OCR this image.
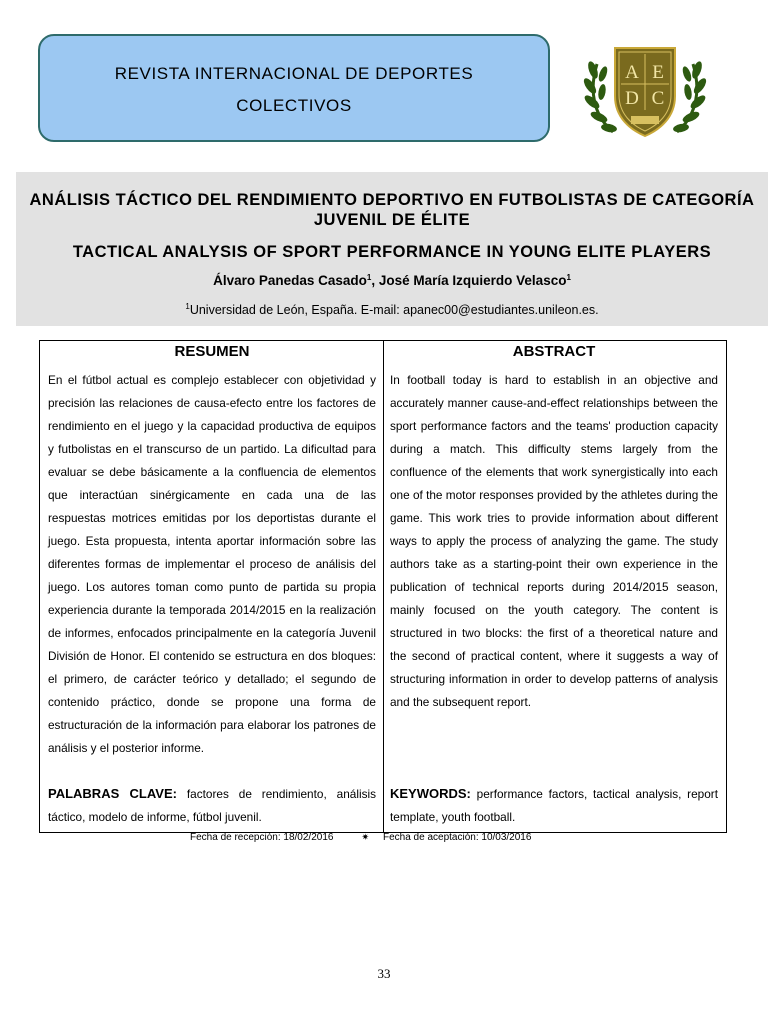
REVISTA INTERNACIONAL DE DEPORTES
COLECTIVOS
A E
D C
ANÁLISIS TÁCTICO DEL RENDIMIENTO DEPORTIVO EN FUTBOLISTAS DE CATEGORÍA
JUVENIL DE ÉLITE
TACTICAL ANALYSIS OF SPORT PERFORMANCE IN YOUNG ELITE PLAYERS
Álvaro Panedas Casado$^1$, José María Izquierdo Velasco$^1$
$^1$Universidad de León, España. E-mail: apanec00@estudiantes.unileon.es.
RESUMEN
En el fútbol actual es complejo establecer con objetividad y precisión las relaciones de causa-efecto entre los factores de rendimiento en el juego y la capacidad productiva de equipos y futbolistas en el transcurso de un partido. La dificultad para evaluar se debe básicamente a la confluencia de elementos que interactúan sinérgicamente en cada una de las respuestas motrices emitidas por los deportistas durante el juego. Esta propuesta, intenta aportar información sobre las diferentes formas de implementar el proceso de análisis del juego. Los autores toman como punto de partida su propia experiencia durante la temporada 2014/2015 en la realización de informes, enfocados principalmente en la categoría Juvenil División de Honor. El contenido se estructura en dos bloques: el primero, de carácter teórico y detallado; el segundo de contenido práctico, donde se propone una forma de estructuración de la información para elaborar los patrones de análisis y el posterior informe.
ABSTRACT
In football today is hard to establish in an objective and accurately manner cause-and-effect relationships between the sport performance factors and the teams' production capacity during a match. This difficulty stems largely from the confluence of the elements that work synergistically into each one of the motor responses provided by the athletes during the game. This work tries to provide information about different ways to apply the process of analyzing the game. The study authors take as a starting-point their own experience in the publication of technical reports during 2014/2015 season, mainly focused on the youth category. The content is structured in two blocks: the first of a theoretical nature and the second of practical content, where it suggests a way of structuring information in order to develop patterns of analysis and the subsequent report.
PALABRAS CLAVE: factores de rendimiento, análisis táctico, modelo de informe, fútbol juvenil.
KEYWORDS: performance factors, tactical analysis, report template, youth football.
Fecha de recepción: 18/02/2016	✷ Fecha de aceptación: 10/03/2016
33
